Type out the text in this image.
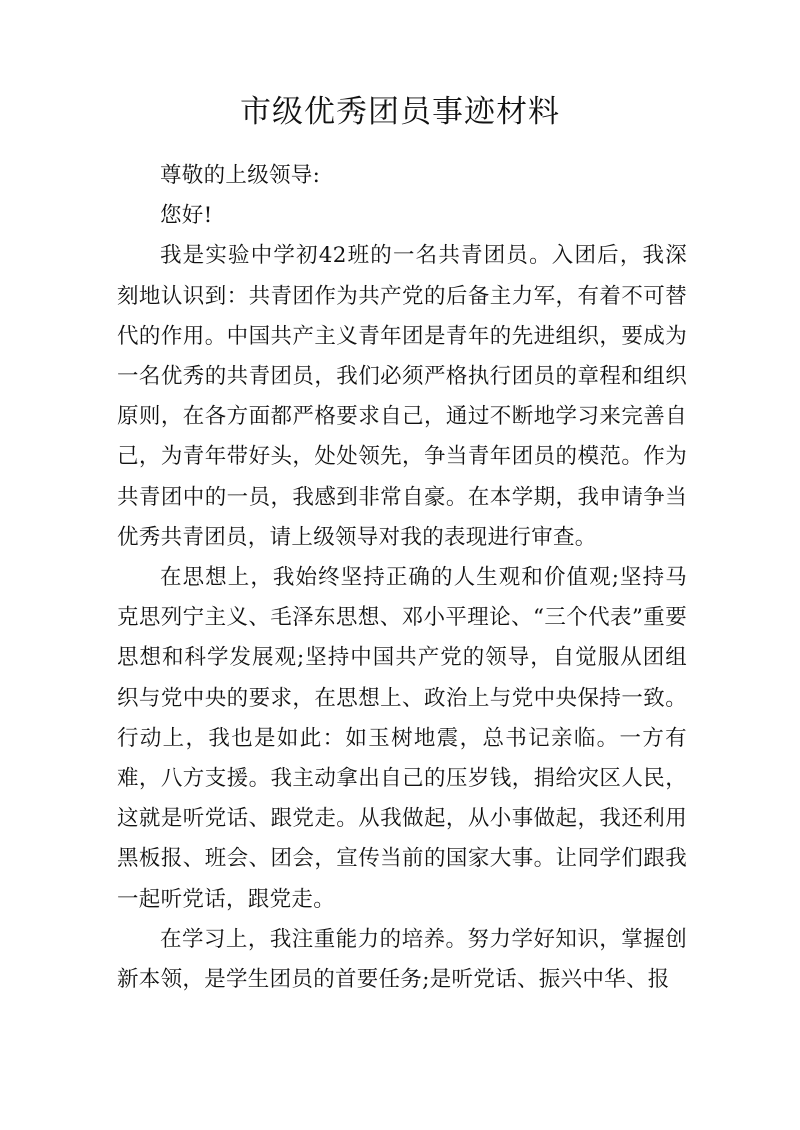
市级优秀团员事迹材料

尊敬的上级领导:

您好!

我是实验中学初42班的一名共青团员。入团后，我深刻地认识到：共青团作为共产党的后备主力军，有着不可替代的作用。中国共产主义青年团是青年的先进组织，要成为一名优秀的共青团员，我们必须严格执行团员的章程和组织原则，在各方面都严格要求自己，通过不断地学习来完善自己，为青年带好头，处处领先，争当青年团员的模范。作为共青团中的一员，我感到非常自豪。在本学期，我申请争当优秀共青团员，请上级领导对我的表现进行审查。

在思想上，我始终坚持正确的人生观和价值观;坚持马克思列宁主义、毛泽东思想、邓小平理论、“三个代表”重要思想和科学发展观;坚持中国共产党的领导，自觉服从团组织与党中央的要求，在思想上、政治上与党中央保持一致。行动上，我也是如此：如玉树地震，总书记亲临。一方有难，八方支援。我主动拿出自己的压岁钱，捐给灾区人民，这就是听党话、跟党走。从我做起，从小事做起，我还利用黑板报、班会、团会，宣传当前的国家大事。让同学们跟我一起听党话，跟党走。

在学习上，我注重能力的培养。努力学好知识，掌握创新本领，是学生团员的首要任务;是听党话、振兴中华、报
